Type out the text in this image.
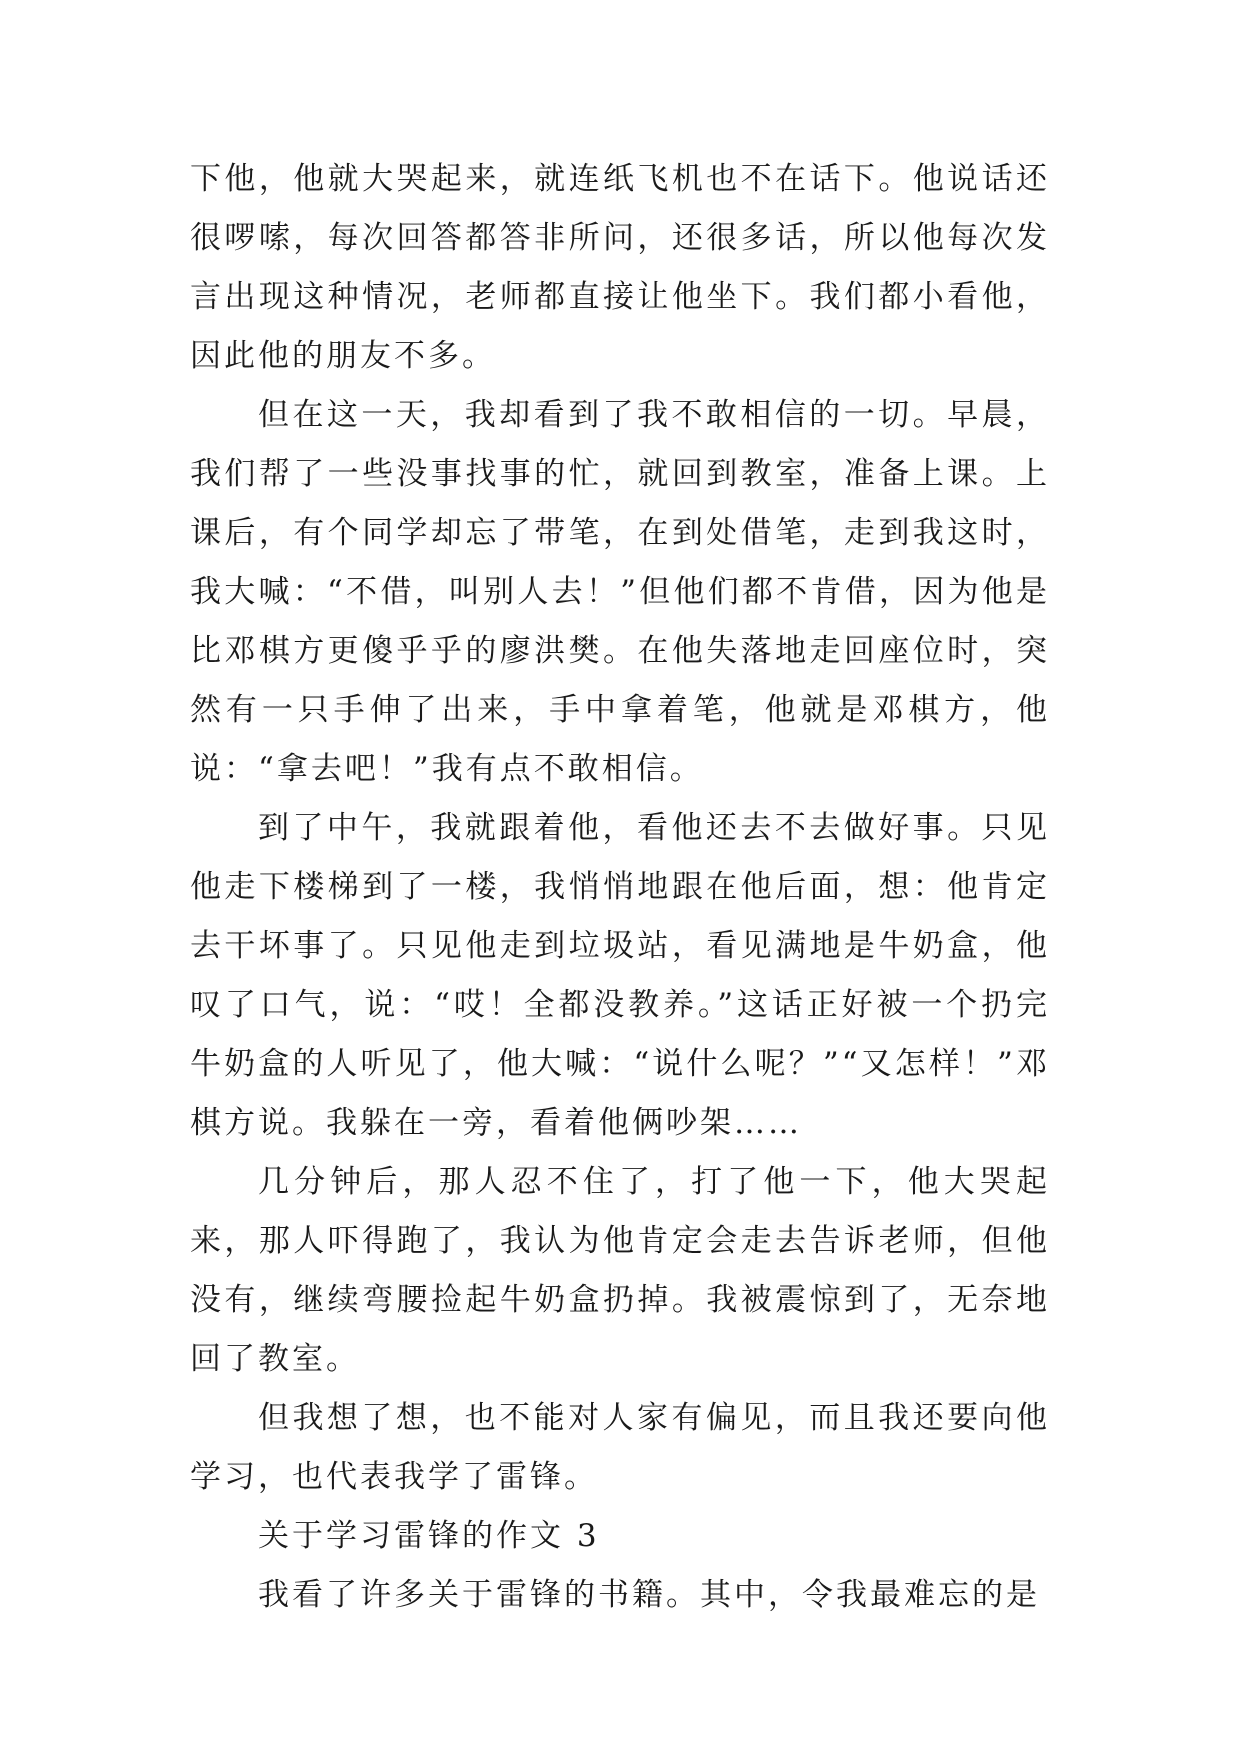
下他，他就大哭起来，就连纸飞机也不在话下。他说话还很啰嗦，每次回答都答非所问，还很多话，所以他每次发言出现这种情况，老师都直接让他坐下。我们都小看他，因此他的朋友不多。

但在这一天，我却看到了我不敢相信的一切。早晨，我们帮了一些没事找事的忙，就回到教室，准备上课。上课后，有个同学却忘了带笔，在到处借笔，走到我这时，我大喊：“不借，叫别人去！”但他们都不肯借，因为他是比邓棋方更傻乎乎的廖洪樊。在他失落地走回座位时，突然有一只手伸了出来，手中拿着笔，他就是邓棋方，他说：“拿去吧！”我有点不敢相信。

到了中午，我就跟着他，看他还去不去做好事。只见他走下楼梯到了一楼，我悄悄地跟在他后面，想：他肯定去干坏事了。只见他走到垃圾站，看见满地是牛奶盒，他叹了口气，说：“哎！全都没教养。”这话正好被一个扔完牛奶盒的人听见了，他大喊：“说什么呢？”“又怎样！”邓棋方说。我躲在一旁，看着他俩吵架……

几分钟后，那人忍不住了，打了他一下，他大哭起来，那人吓得跑了，我认为他肯定会走去告诉老师，但他没有，继续弯腰捡起牛奶盒扔掉。我被震惊到了，无奈地回了教室。

但我想了想，也不能对人家有偏见，而且我还要向他学习，也代表我学了雷锋。

关于学习雷锋的作文 3

我看了许多关于雷锋的书籍。其中，令我最难忘的是
